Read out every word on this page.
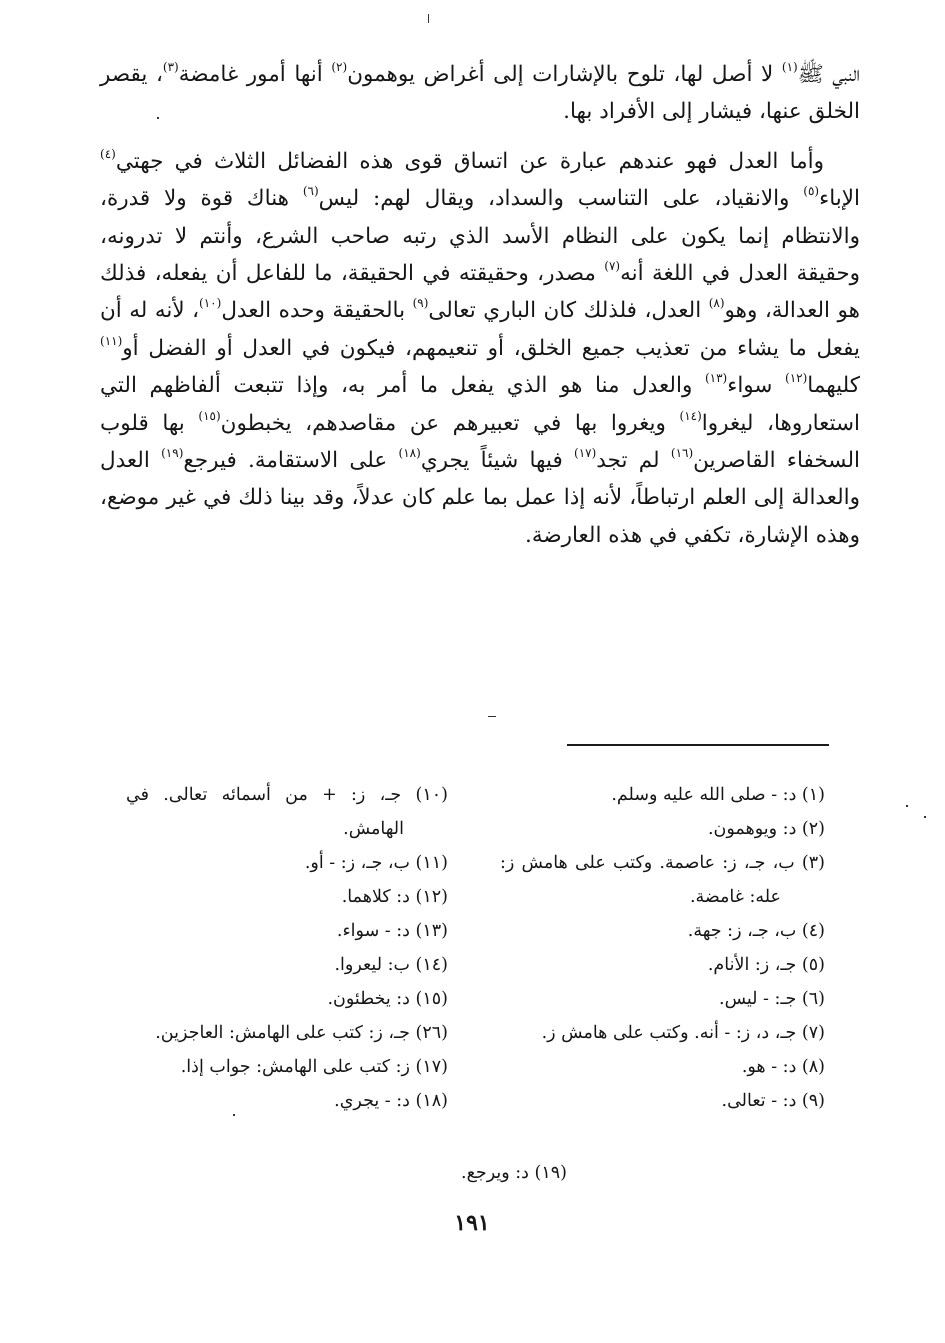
النبي ﷺ$^{(١)}$ لا أصل لها، تلوح بالإشارات إلى أغراض يوهمون$^{(٢)}$ أنها أمور غامضة$^{(٣)}$، يقصر الخلق عنها، فيشار إلى الأفراد بها.

وأما العدل فهو عندهم عبارة عن اتساق قوى هذه الفضائل الثلاث في جهتي$^{(٤)}$ الإباء$^{(٥)}$ والانقياد، على التناسب والسداد، ويقال لهم: ليس$^{(٦)}$ هناك قوة ولا قدرة، والانتظام إنما يكون على النظام الأسد الذي رتبه صاحب الشرع، وأنتم لا تدرونه، وحقيقة العدل في اللغة أنه$^{(٧)}$ مصدر، وحقيقته في الحقيقة، ما للفاعل أن يفعله، فذلك هو العدالة، وهو$^{(٨)}$ العدل، فلذلك كان الباري تعالى$^{(٩)}$ بالحقيقة وحده العدل$^{(١٠)}$، لأنه له أن يفعل ما يشاء من تعذيب جميع الخلق، أو تنعيمهم، فيكون في العدل أو الفضل أو$^{(١١)}$ كليهما$^{(١٢)}$ سواء$^{(١٣)}$ والعدل منا هو الذي يفعل ما أمر به، وإذا تتبعت ألفاظهم التي استعاروها، ليغروا$^{(١٤)}$ ويغروا بها في تعبيرهم عن مقاصدهم، يخبطون$^{(١٥)}$ بها قلوب السخفاء القاصرين$^{(١٦)}$ لم تجد$^{(١٧)}$ فيها شيئاً يجري$^{(١٨)}$ على الاستقامة. فيرجع$^{(١٩)}$ العدل والعدالة إلى العلم ارتباطاً، لأنه إذا عمل بما علم كان عدلاً، وقد بينا ذلك في غير موضع، وهذه الإشارة، تكفي في هذه العارضة.

(١) د: - صلى الله عليه وسلم.
(٢) د: ويوهمون.
(٣) ب، جـ، ز: عاصمة. وكتب على هامش ز: عله: غامضة.
(٤) ب، جـ، ز: جهة.
(٥) جـ، ز: الأنام.
(٦) جـ: - ليس.
(٧) جـ، د، ز: - أنه. وكتب على هامش ز.
(٨) د: - هو.
(٩) د: - تعالى.
(١٠) جـ، ز: + من أسمائه تعالى. في الهامش.
(١١) ب، جـ، ز: - أو.
(١٢) د: كلاهما.
(١٣) د: - سواء.
(١٤) ب: ليعروا.
(١٥) د: يخطئون.
(٢٦) جـ، ز: كتب على الهامش: العاجزين.
(١٧) ز: كتب على الهامش: جواب إذا.
(١٨) د: - يجري.
(١٩) د: ويرجع.
١٩١
